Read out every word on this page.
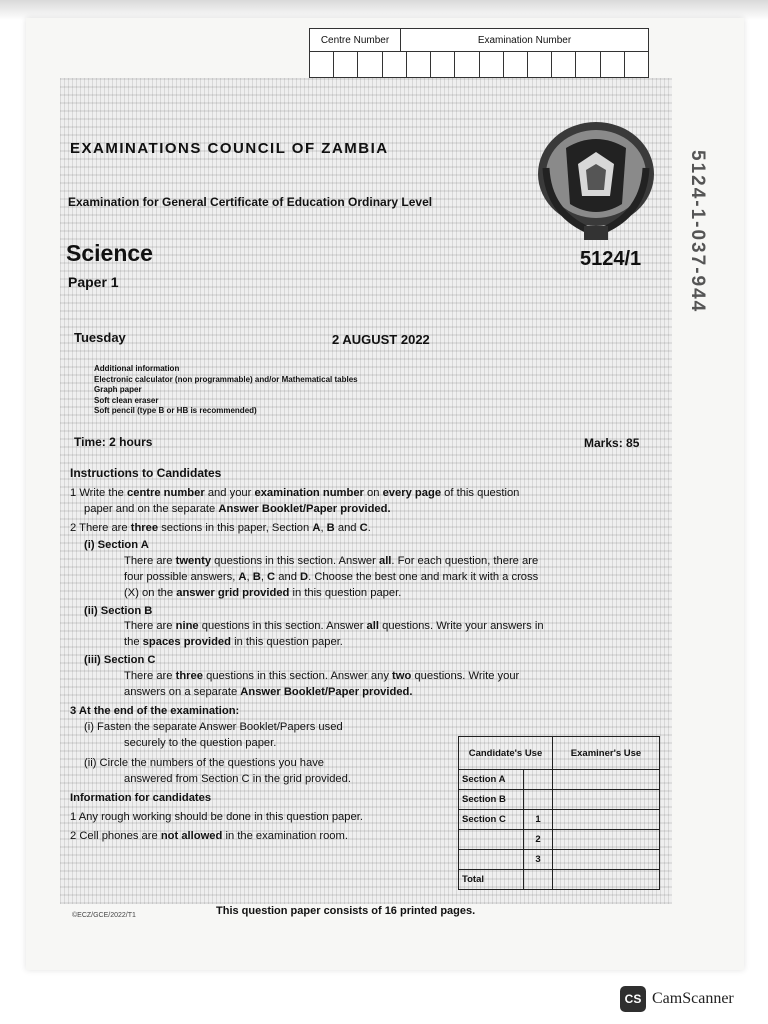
Centre Number	Examination Number
5124-1-037-944

EXAMINATIONS COUNCIL OF ZAMBIA

Examination for General Certificate of Education Ordinary Level

Science	5124/1

Paper 1

Tuesday	2 AUGUST 2022

Additional information
Electronic calculator (non programmable) and/or Mathematical tables
Graph paper
Soft clean eraser
Soft pencil (type B or HB is recommended)

Time: 2 hours	Marks: 85

Instructions to Candidates

1 Write the centre number and your examination number on every page of this question

paper and on the separate Answer Booklet/Paper provided.

2 There are three sections in this paper, Section A, B and C.

(i) Section A

There are twenty questions in this section. Answer all. For each question, there are

four possible answers, A, B, C and D. Choose the best one and mark it with a cross

(X) on the answer grid provided in this question paper.

(ii) Section B

There are nine questions in this section. Answer all questions. Write your answers in

the spaces provided in this question paper.

(iii) Section C

There are three questions in this section. Answer any two questions. Write your

answers on a separate Answer Booklet/Paper provided.

3 At the end of the examination:

(i) Fasten the separate Answer Booklet/Papers used

securely to the question paper.

(ii) Circle the numbers of the questions you have

answered from Section C in the grid provided.

Information for candidates

1 Any rough working should be done in this question paper.

2 Cell phones are not allowed in the examination room.

Candidate's Use		Examiner's Use
Section A		
Section B		
Section C	1	
	2	
	3	
Total		
©ECZ/GCE/2022/T1	This question paper consists of 16 printed pages.
CS CamScanner
